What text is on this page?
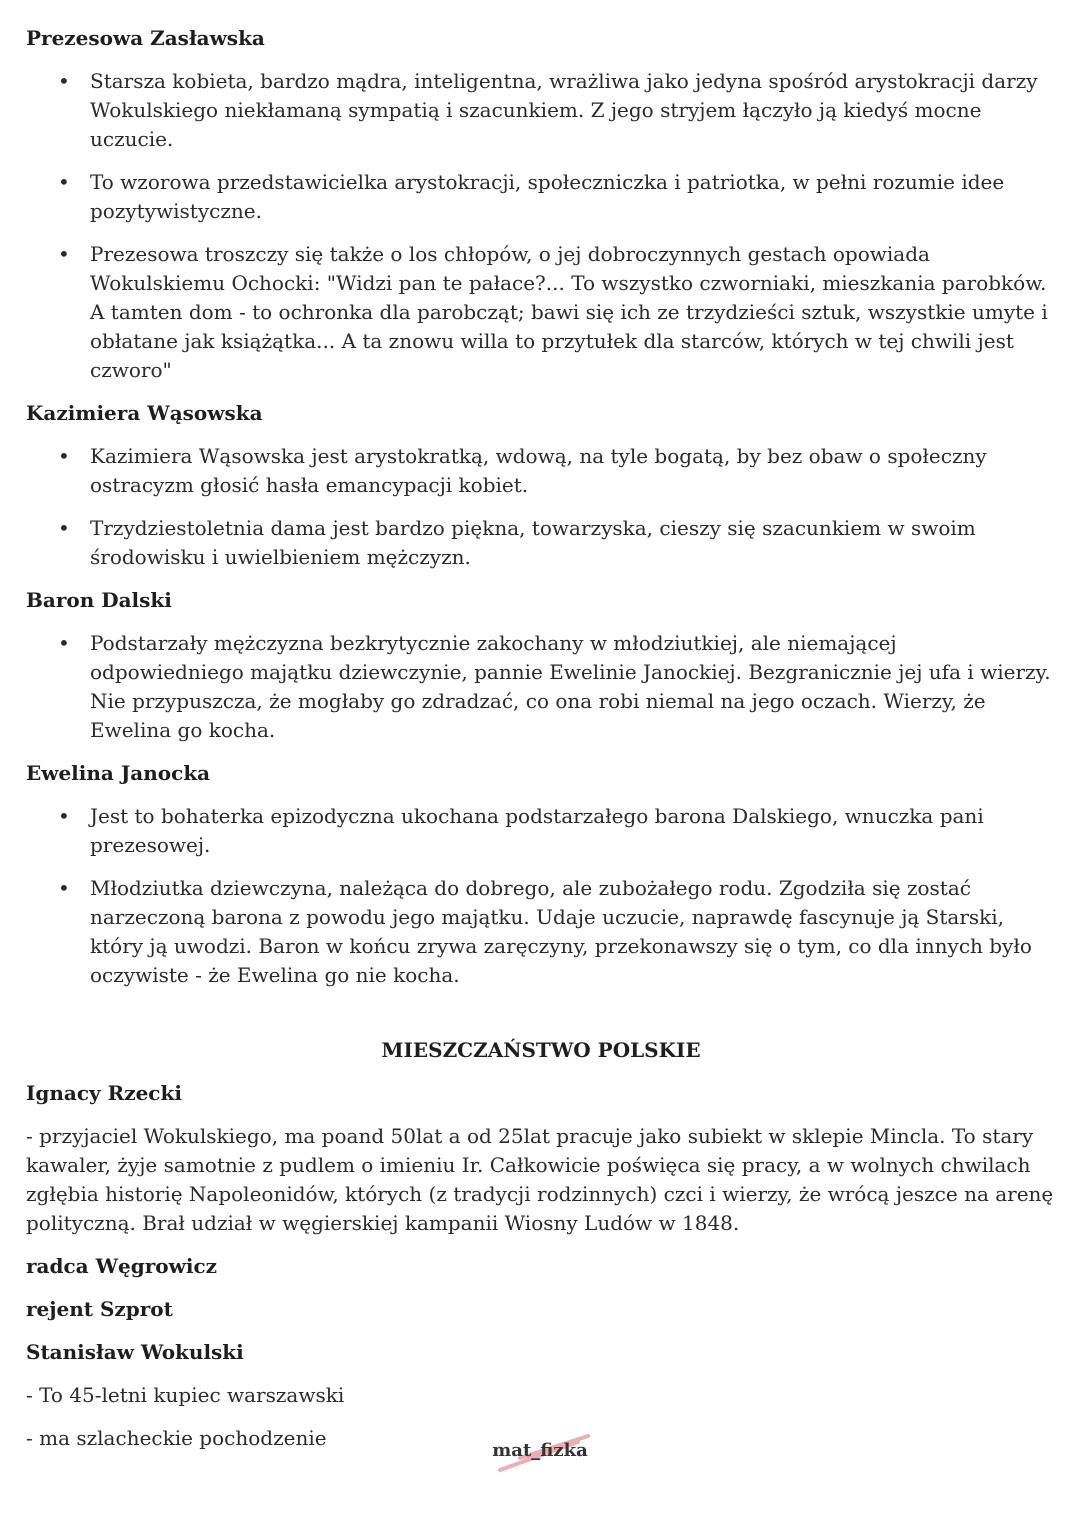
Prezesowa Zasławska
• Starsza kobieta, bardzo mądra, inteligentna, wrażliwa jako jedyna spośród arystokracji darzy Wokulskiego niekłamaną sympatią i szacunkiem. Z jego stryjem łączyło ją kiedyś mocne uczucie.
• To wzorowa przedstawicielka arystokracji, społeczniczka i patriotka, w pełni rozumie idee pozytywistyczne.
• Prezesowa troszczy się także o los chłopów, o jej dobroczynnych gestach opowiada Wokulskiemu Ochocki: "Widzi pan te pałace?... To wszystko czworniaki, mieszkania parobków. A tamten dom - to ochronka dla parobcząt; bawi się ich ze trzydzieści sztuk, wszystkie umyte i obłatane jak książątka... A ta znowu willa to przytułek dla starców, których w tej chwili jest czworo"
Kazimiera Wąsowska
• Kazimiera Wąsowska jest arystokratką, wdową, na tyle bogatą, by bez obaw o społeczny ostracyzm głosić hasła emancypacji kobiet.
• Trzydziestoletnia dama jest bardzo piękna, towarzyska, cieszy się szacunkiem w swoim środowisku i uwielbieniem mężczyzn.
Baron Dalski
• Podstarzały mężczyzna bezkrytycznie zakochany w młodziutkiej, ale niemającej odpowiedniego majątku dziewczynie, pannie Ewelinie Janockiej. Bezgranicznie jej ufa i wierzy. Nie przypuszcza, że mogłaby go zdradzać, co ona robi niemal na jego oczach. Wierzy, że Ewelina go kocha.
Ewelina Janocka
• Jest to bohaterka epizodyczna ukochana podstarzałego barona Dalskiego, wnuczka pani prezesowej.
• Młodziutka dziewczyna, należąca do dobrego, ale zubożałego rodu. Zgodziła się zostać narzeczoną barona z powodu jego majątku. Udaje uczucie, naprawdę fascynuje ją Starski, który ją uwodzi. Baron w końcu zrywa zaręczyny, przekonawszy się o tym, co dla innych było oczywiste - że Ewelina go nie kocha.
MIESZCZAŃSTWO POLSKIE
Ignacy Rzecki
- przyjaciel Wokulskiego, ma poand 50lat a od 25lat pracuje jako subiekt w sklepie Mincla. To stary kawaler, żyje samotnie z pudlem o imieniu Ir. Całkowicie poświęca się pracy, a w wolnych chwilach zgłębia historię Napoleonidów, których (z tradycji rodzinnych) czci i wierzy, że wrócą jeszce na arenę polityczną. Brał udział w węgierskiej kampanii Wiosny Ludów w 1848.
radca Węgrowicz
rejent Szprot
Stanisław Wokulski
- To 45-letni kupiec warszawski
- ma szlacheckie pochodzenie
mat_fizka
